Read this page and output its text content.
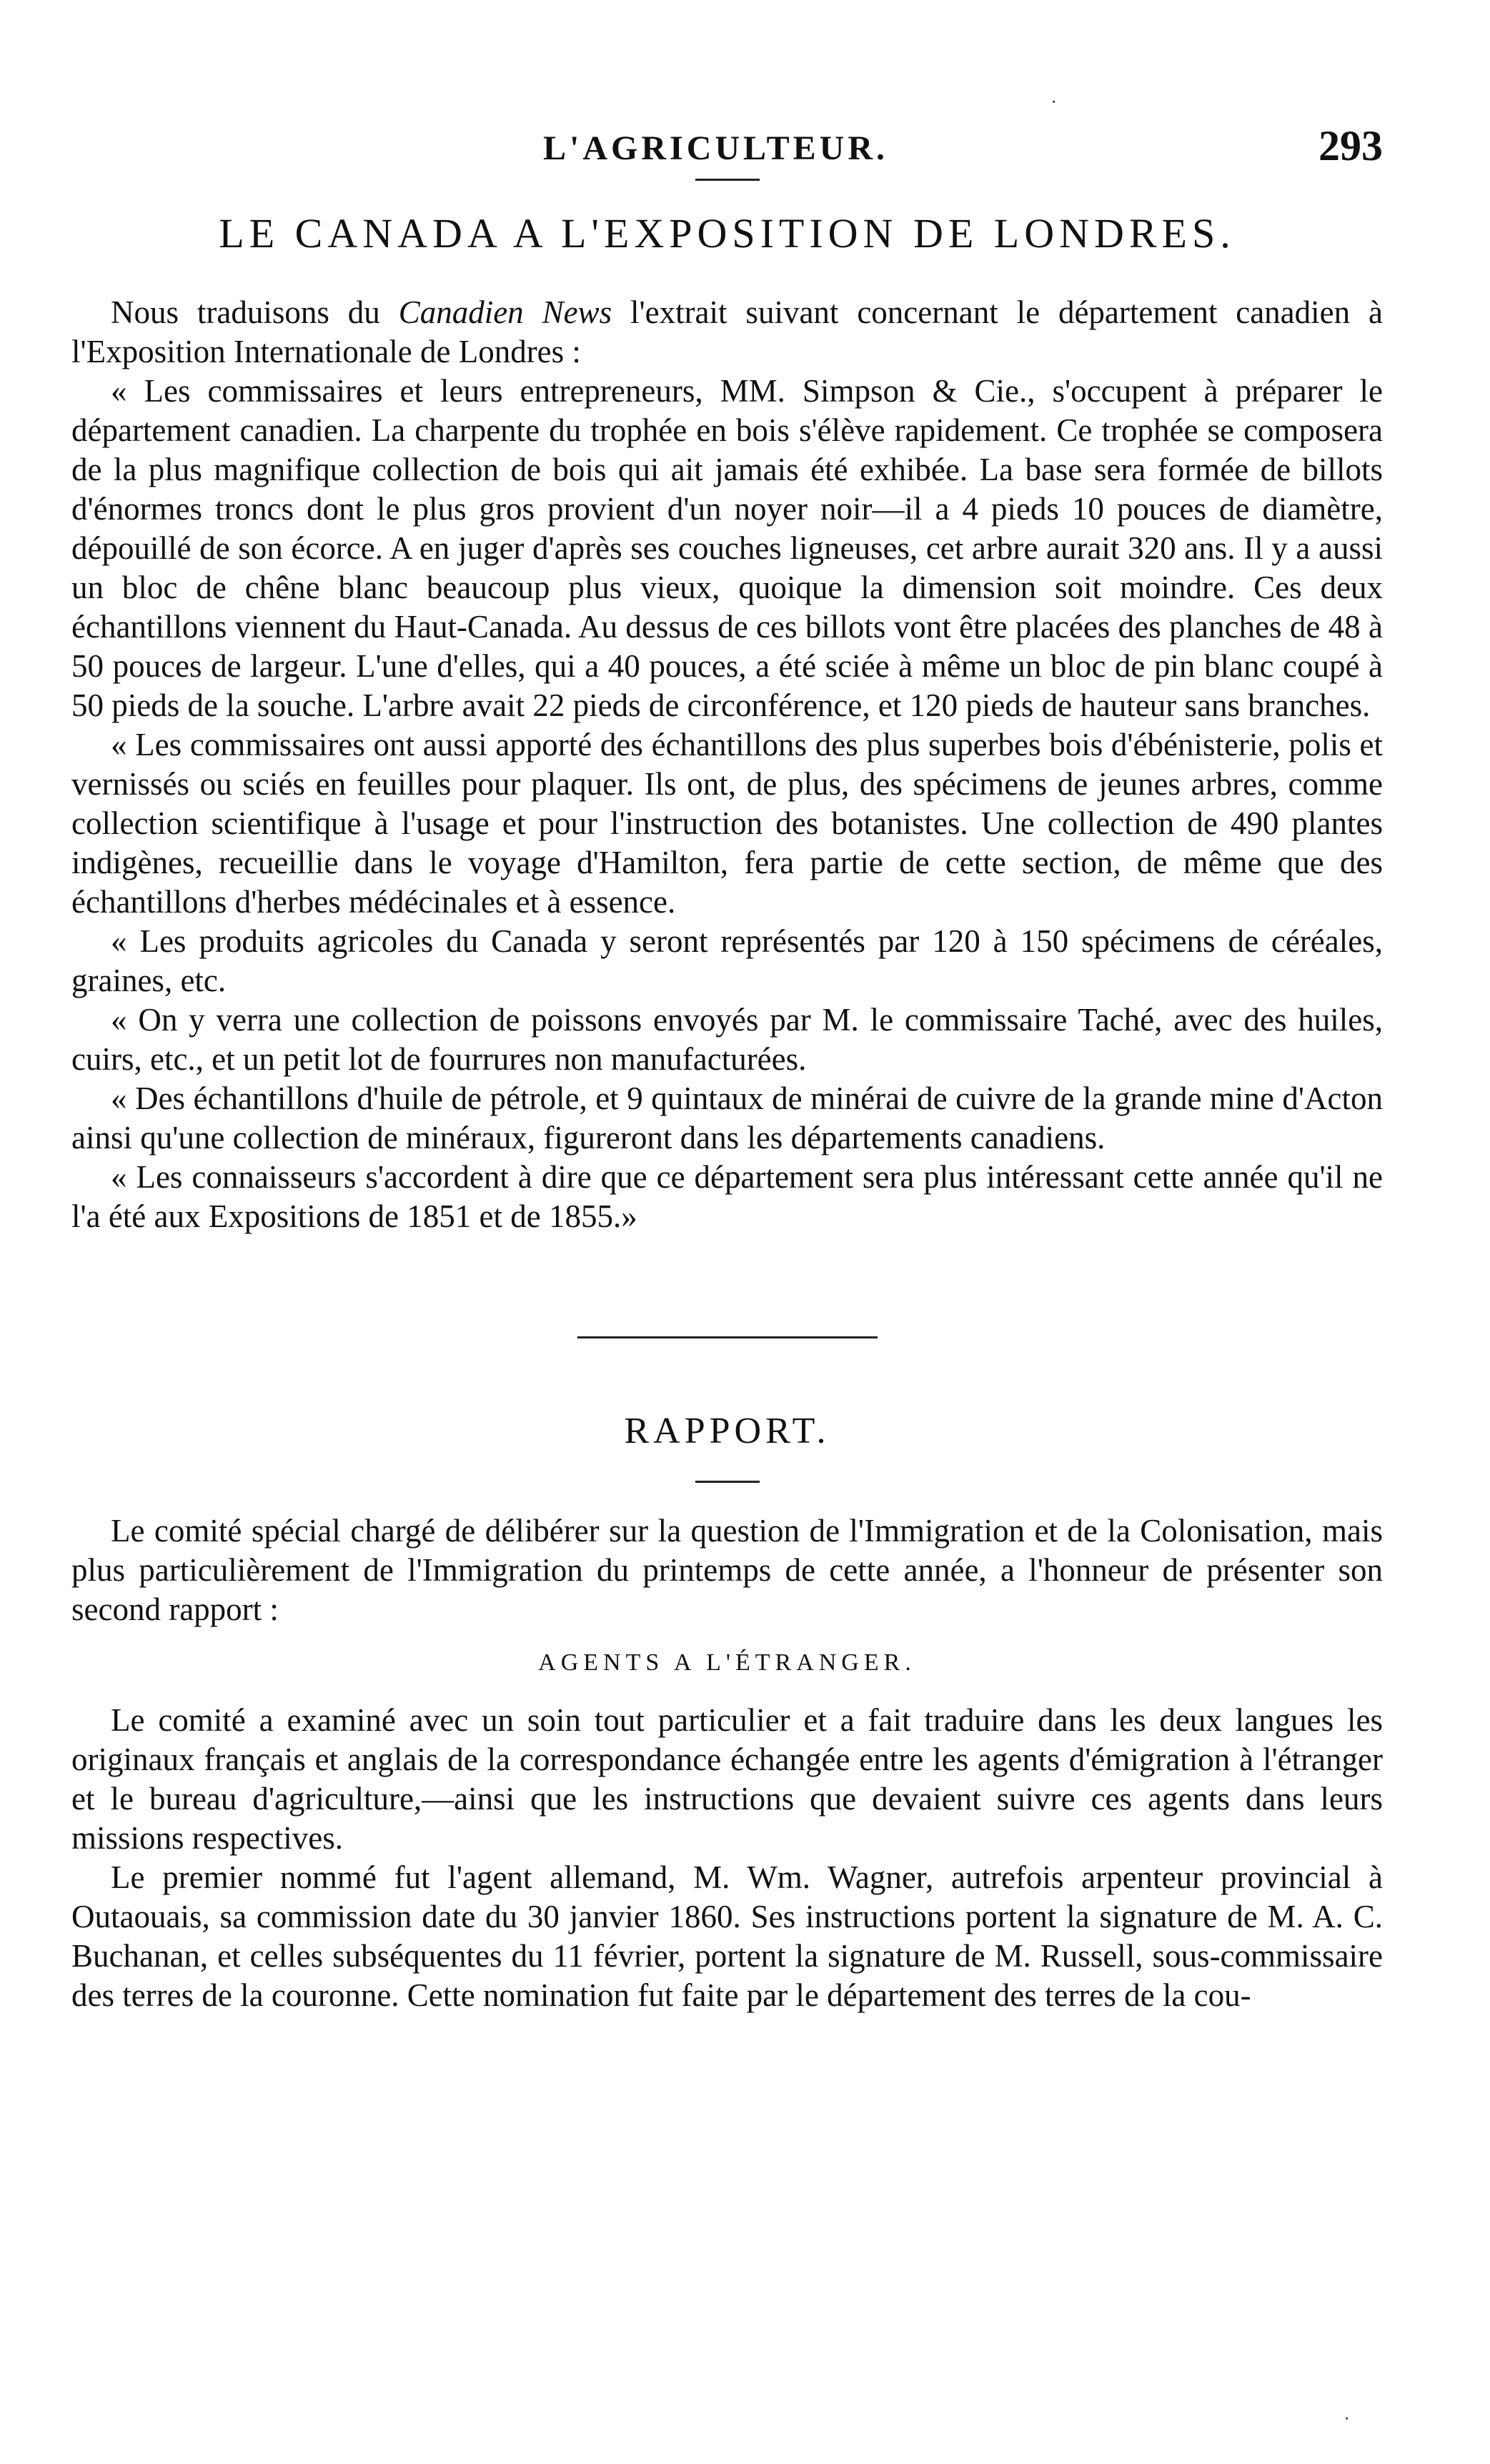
·
L'AGRICULTEUR.	293
LE CANADA A L'EXPOSITION DE LONDRES.

Nous traduisons du Canadien News l'extrait suivant concernant le département canadien à l'Exposition Internationale de Londres :

« Les commissaires et leurs entrepreneurs, MM. Simpson & Cie., s'occupent à préparer le département canadien. La charpente du trophée en bois s'élève rapidement. Ce trophée se composera de la plus magnifique collection de bois qui ait jamais été exhibée. La base sera formée de billots d'énormes troncs dont le plus gros provient d'un noyer noir—il a 4 pieds 10 pouces de diamètre, dépouillé de son écorce. A en juger d'après ses couches ligneuses, cet arbre aurait 320 ans. Il y a aussi un bloc de chêne blanc beaucoup plus vieux, quoique la dimension soit moindre. Ces deux échantillons viennent du Haut-Canada. Au dessus de ces billots vont être placées des planches de 48 à 50 pouces de largeur. L'une d'elles, qui a 40 pouces, a été sciée à même un bloc de pin blanc coupé à 50 pieds de la souche. L'arbre avait 22 pieds de circonférence, et 120 pieds de hauteur sans branches.

« Les commissaires ont aussi apporté des échantillons des plus superbes bois d'ébénisterie, polis et vernissés ou sciés en feuilles pour plaquer. Ils ont, de plus, des spécimens de jeunes arbres, comme collection scientifique à l'usage et pour l'instruction des botanistes. Une collection de 490 plantes indigènes, recueillie dans le voyage d'Hamilton, fera partie de cette section, de même que des échantillons d'herbes médécinales et à essence.

« Les produits agricoles du Canada y seront représentés par 120 à 150 spécimens de céréales, graines, etc.

« On y verra une collection de poissons envoyés par M. le commissaire Taché, avec des huiles, cuirs, etc., et un petit lot de fourrures non manufacturées.

« Des échantillons d'huile de pétrole, et 9 quintaux de minérai de cuivre de la grande mine d'Acton ainsi qu'une collection de minéraux, figureront dans les départements canadiens.

« Les connaisseurs s'accordent à dire que ce département sera plus intéressant cette année qu'il ne l'a été aux Expositions de 1851 et de 1855.»

RAPPORT.

Le comité spécial chargé de délibérer sur la question de l'Immigration et de la Colonisation, mais plus particulièrement de l'Immigration du printemps de cette année, a l'honneur de présenter son second rapport :

AGENTS A L'ÉTRANGER.

Le comité a examiné avec un soin tout particulier et a fait traduire dans les deux langues les originaux français et anglais de la correspondance échangée entre les agents d'émigration à l'étranger et le bureau d'agriculture,—ainsi que les instructions que devaient suivre ces agents dans leurs missions respectives.

Le premier nommé fut l'agent allemand, M. Wm. Wagner, autrefois arpenteur provincial à Outaouais, sa commission date du 30 janvier 1860. Ses instructions portent la signature de M. A. C. Buchanan, et celles subséquentes du 11 février, portent la signature de M. Russell, sous-commissaire des terres de la couronne. Cette nomination fut faite par le département des terres de la cou-

·
